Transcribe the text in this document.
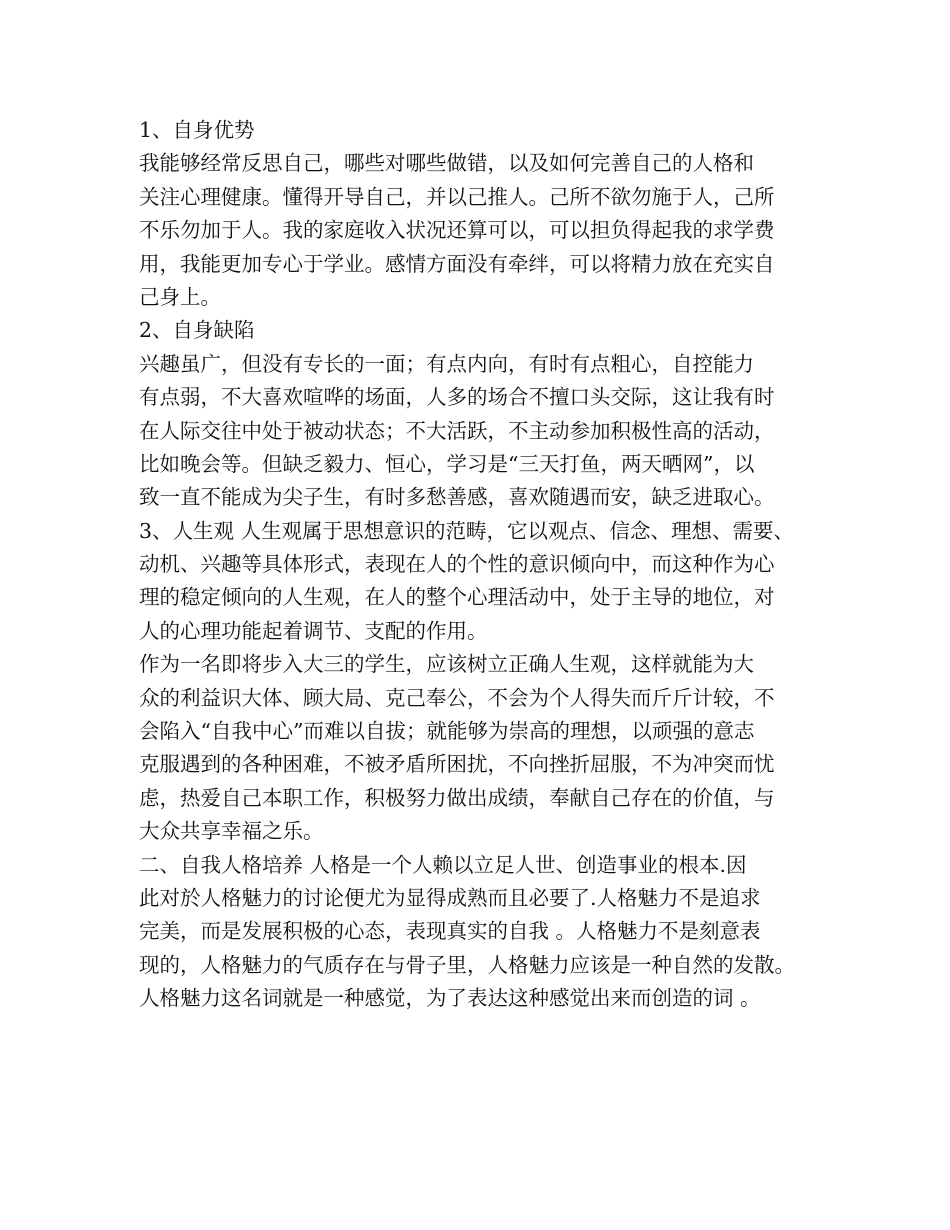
1、自身优势
我能够经常反思自己，哪些对哪些做错，以及如何完善自己的人格和
关注心理健康。懂得开导自己，并以己推人。己所不欲勿施于人，己所
不乐勿加于人。我的家庭收入状况还算可以，可以担负得起我的求学费
用，我能更加专心于学业。感情方面没有牵绊，可以将精力放在充实自
己身上。
2、自身缺陷
兴趣虽广，但没有专长的一面；有点内向，有时有点粗心，自控能力
有点弱，不大喜欢喧哗的场面，人多的场合不擅口头交际，这让我有时
在人际交往中处于被动状态；不大活跃，不主动参加积极性高的活动，
比如晚会等。但缺乏毅力、恒心，学习是“三天打鱼，两天晒网”，以
致一直不能成为尖子生，有时多愁善感，喜欢随遇而安，缺乏进取心。
3、人生观 人生观属于思想意识的范畴，它以观点、信念、理想、需要、
动机、兴趣等具体形式，表现在人的个性的意识倾向中，而这种作为心
理的稳定倾向的人生观，在人的整个心理活动中，处于主导的地位，对
人的心理功能起着调节、支配的作用。
作为一名即将步入大三的学生，应该树立正确人生观，这样就能为大
众的利益识大体、顾大局、克己奉公，不会为个人得失而斤斤计较，不
会陷入“自我中心”而难以自拔；就能够为崇高的理想，以顽强的意志
克服遇到的各种困难，不被矛盾所困扰，不向挫折屈服，不为冲突而忧
虑，热爱自己本职工作，积极努力做出成绩，奉献自己存在的价值，与
大众共享幸福之乐。
二、自我人格培养 人格是一个人赖以立足人世、创造事业的根本.因
此对於人格魅力的讨论便尤为显得成熟而且必要了.人格魅力不是追求
完美，而是发展积极的心态，表现真实的自我 。人格魅力不是刻意表
现的，人格魅力的气质存在与骨子里，人格魅力应该是一种自然的发散。
人格魅力这名词就是一种感觉，为了表达这种感觉出来而创造的词 。
